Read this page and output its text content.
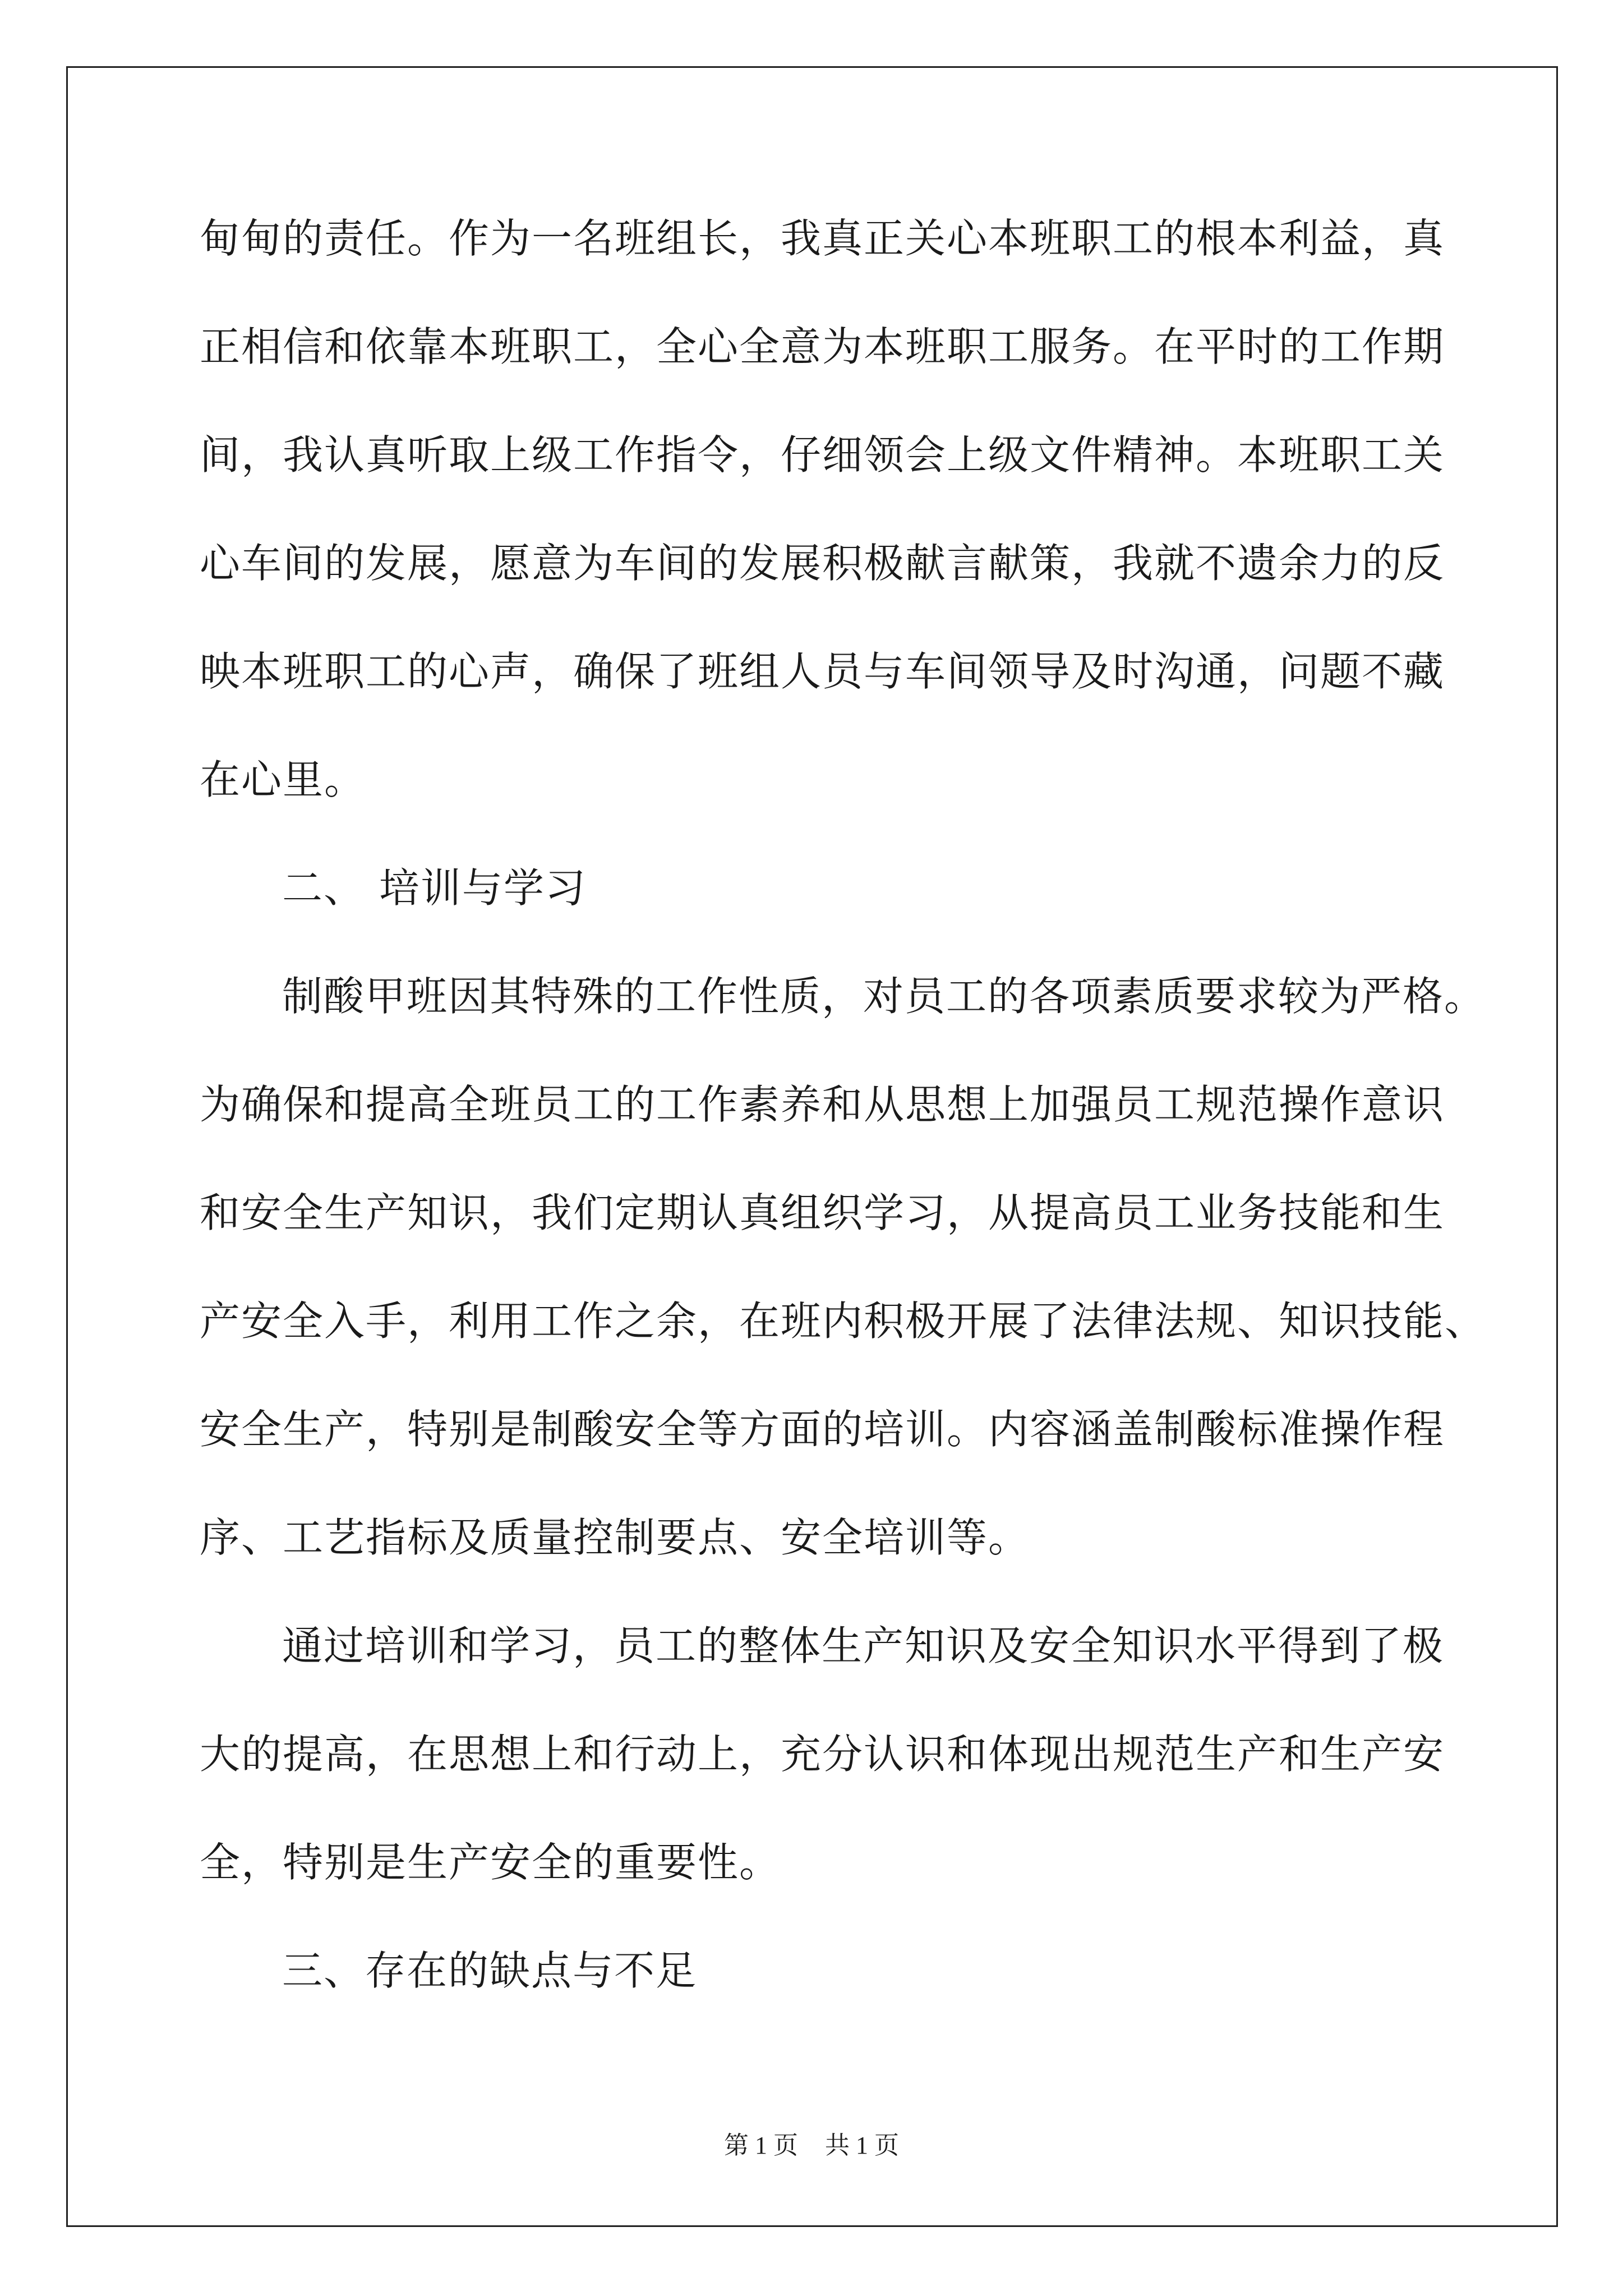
甸甸的责任。作为一名班组长，我真正关心本班职工的根本利益，真
正相信和依靠本班职工，全心全意为本班职工服务。在平时的工作期
间，我认真听取上级工作指令，仔细领会上级文件精神。本班职工关
心车间的发展，愿意为车间的发展积极献言献策，我就不遗余力的反
映本班职工的心声，确保了班组人员与车间领导及时沟通，问题不藏
在心里。
二、 培训与学习
制酸甲班因其特殊的工作性质，对员工的各项素质要求较为严格。
为确保和提高全班员工的工作素养和从思想上加强员工规范操作意识
和安全生产知识，我们定期认真组织学习，从提高员工业务技能和生
产安全入手，利用工作之余，在班内积极开展了法律法规、知识技能、
安全生产，特别是制酸安全等方面的培训。内容涵盖制酸标准操作程
序、工艺指标及质量控制要点、安全培训等。
通过培训和学习，员工的整体生产知识及安全知识水平得到了极
大的提高，在思想上和行动上，充分认识和体现出规范生产和生产安
全，特别是生产安全的重要性。
三、存在的缺点与不足
第 1 页 共 1 页
